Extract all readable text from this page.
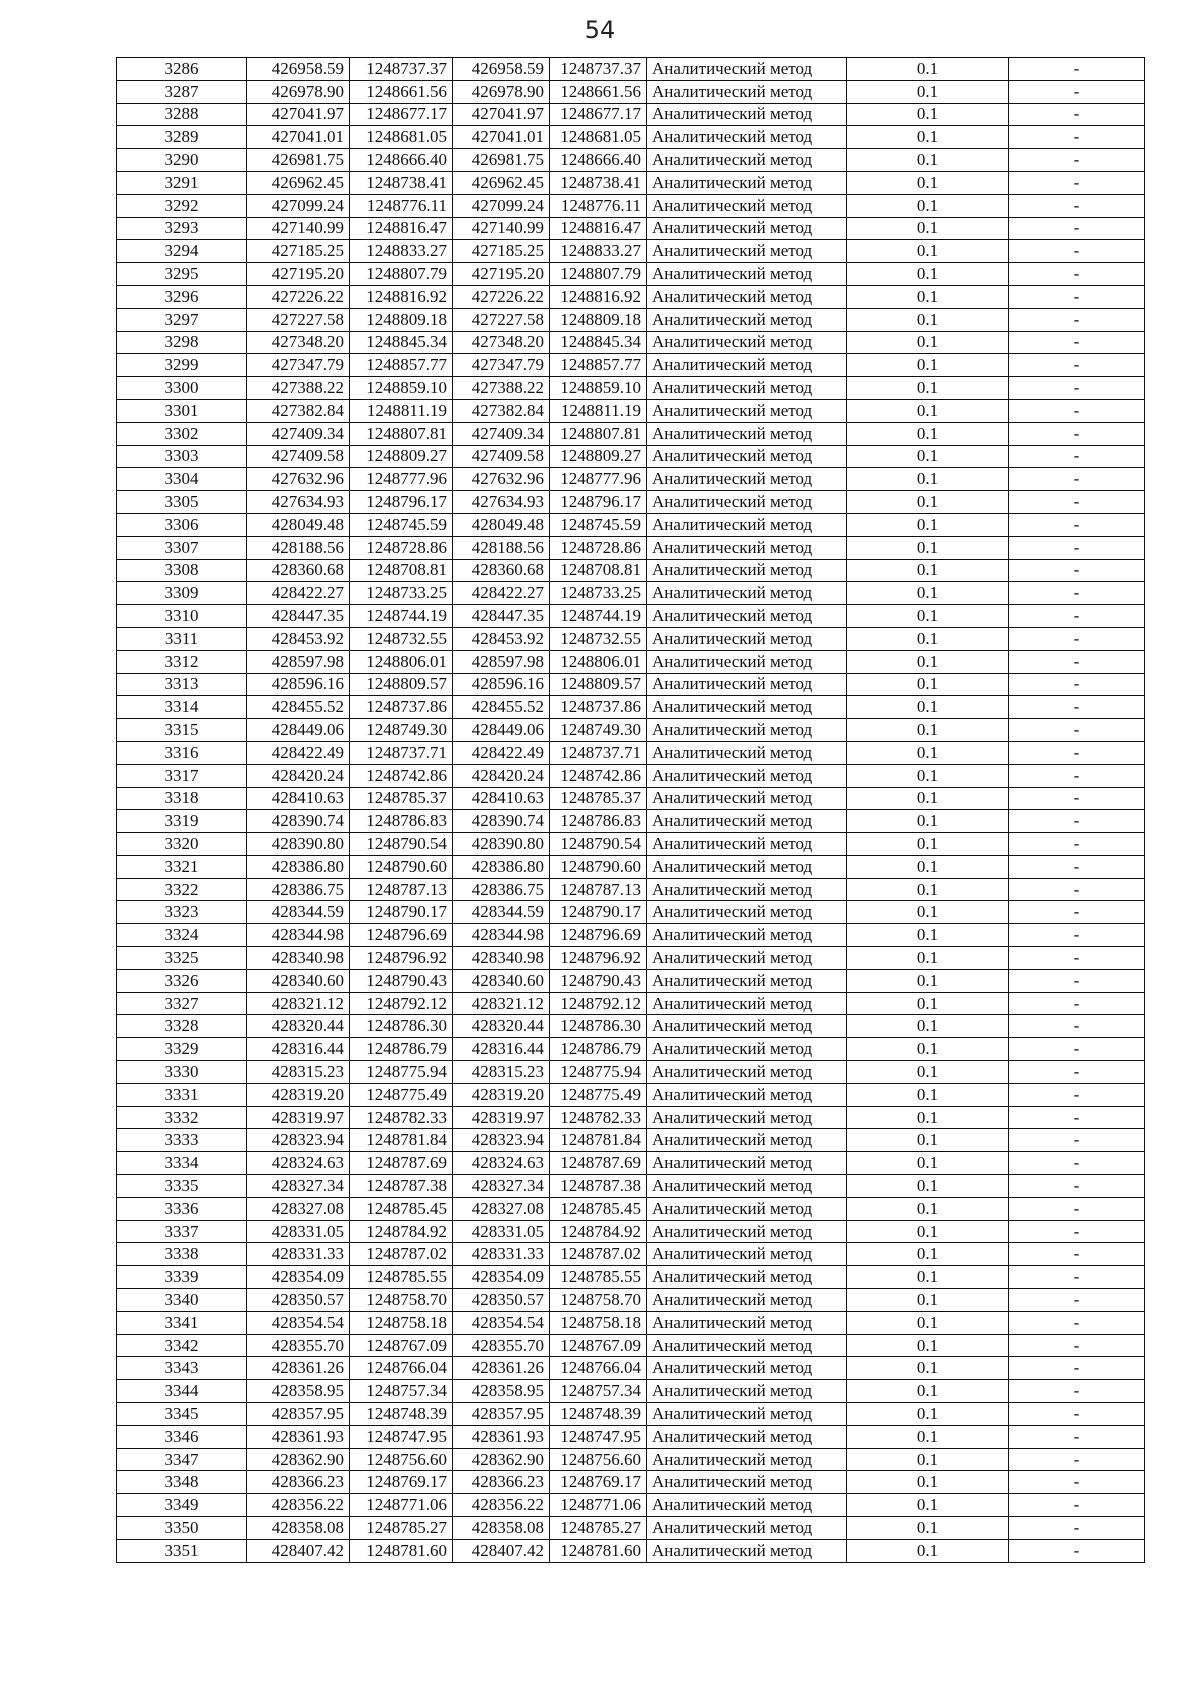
54
3286	426958.59	1248737.37	426958.59	1248737.37	Аналитический метод	0.1	-
3287	426978.90	1248661.56	426978.90	1248661.56	Аналитический метод	0.1	-
3288	427041.97	1248677.17	427041.97	1248677.17	Аналитический метод	0.1	-
3289	427041.01	1248681.05	427041.01	1248681.05	Аналитический метод	0.1	-
3290	426981.75	1248666.40	426981.75	1248666.40	Аналитический метод	0.1	-
3291	426962.45	1248738.41	426962.45	1248738.41	Аналитический метод	0.1	-
3292	427099.24	1248776.11	427099.24	1248776.11	Аналитический метод	0.1	-
3293	427140.99	1248816.47	427140.99	1248816.47	Аналитический метод	0.1	-
3294	427185.25	1248833.27	427185.25	1248833.27	Аналитический метод	0.1	-
3295	427195.20	1248807.79	427195.20	1248807.79	Аналитический метод	0.1	-
3296	427226.22	1248816.92	427226.22	1248816.92	Аналитический метод	0.1	-
3297	427227.58	1248809.18	427227.58	1248809.18	Аналитический метод	0.1	-
3298	427348.20	1248845.34	427348.20	1248845.34	Аналитический метод	0.1	-
3299	427347.79	1248857.77	427347.79	1248857.77	Аналитический метод	0.1	-
3300	427388.22	1248859.10	427388.22	1248859.10	Аналитический метод	0.1	-
3301	427382.84	1248811.19	427382.84	1248811.19	Аналитический метод	0.1	-
3302	427409.34	1248807.81	427409.34	1248807.81	Аналитический метод	0.1	-
3303	427409.58	1248809.27	427409.58	1248809.27	Аналитический метод	0.1	-
3304	427632.96	1248777.96	427632.96	1248777.96	Аналитический метод	0.1	-
3305	427634.93	1248796.17	427634.93	1248796.17	Аналитический метод	0.1	-
3306	428049.48	1248745.59	428049.48	1248745.59	Аналитический метод	0.1	-
3307	428188.56	1248728.86	428188.56	1248728.86	Аналитический метод	0.1	-
3308	428360.68	1248708.81	428360.68	1248708.81	Аналитический метод	0.1	-
3309	428422.27	1248733.25	428422.27	1248733.25	Аналитический метод	0.1	-
3310	428447.35	1248744.19	428447.35	1248744.19	Аналитический метод	0.1	-
3311	428453.92	1248732.55	428453.92	1248732.55	Аналитический метод	0.1	-
3312	428597.98	1248806.01	428597.98	1248806.01	Аналитический метод	0.1	-
3313	428596.16	1248809.57	428596.16	1248809.57	Аналитический метод	0.1	-
3314	428455.52	1248737.86	428455.52	1248737.86	Аналитический метод	0.1	-
3315	428449.06	1248749.30	428449.06	1248749.30	Аналитический метод	0.1	-
3316	428422.49	1248737.71	428422.49	1248737.71	Аналитический метод	0.1	-
3317	428420.24	1248742.86	428420.24	1248742.86	Аналитический метод	0.1	-
3318	428410.63	1248785.37	428410.63	1248785.37	Аналитический метод	0.1	-
3319	428390.74	1248786.83	428390.74	1248786.83	Аналитический метод	0.1	-
3320	428390.80	1248790.54	428390.80	1248790.54	Аналитический метод	0.1	-
3321	428386.80	1248790.60	428386.80	1248790.60	Аналитический метод	0.1	-
3322	428386.75	1248787.13	428386.75	1248787.13	Аналитический метод	0.1	-
3323	428344.59	1248790.17	428344.59	1248790.17	Аналитический метод	0.1	-
3324	428344.98	1248796.69	428344.98	1248796.69	Аналитический метод	0.1	-
3325	428340.98	1248796.92	428340.98	1248796.92	Аналитический метод	0.1	-
3326	428340.60	1248790.43	428340.60	1248790.43	Аналитический метод	0.1	-
3327	428321.12	1248792.12	428321.12	1248792.12	Аналитический метод	0.1	-
3328	428320.44	1248786.30	428320.44	1248786.30	Аналитический метод	0.1	-
3329	428316.44	1248786.79	428316.44	1248786.79	Аналитический метод	0.1	-
3330	428315.23	1248775.94	428315.23	1248775.94	Аналитический метод	0.1	-
3331	428319.20	1248775.49	428319.20	1248775.49	Аналитический метод	0.1	-
3332	428319.97	1248782.33	428319.97	1248782.33	Аналитический метод	0.1	-
3333	428323.94	1248781.84	428323.94	1248781.84	Аналитический метод	0.1	-
3334	428324.63	1248787.69	428324.63	1248787.69	Аналитический метод	0.1	-
3335	428327.34	1248787.38	428327.34	1248787.38	Аналитический метод	0.1	-
3336	428327.08	1248785.45	428327.08	1248785.45	Аналитический метод	0.1	-
3337	428331.05	1248784.92	428331.05	1248784.92	Аналитический метод	0.1	-
3338	428331.33	1248787.02	428331.33	1248787.02	Аналитический метод	0.1	-
3339	428354.09	1248785.55	428354.09	1248785.55	Аналитический метод	0.1	-
3340	428350.57	1248758.70	428350.57	1248758.70	Аналитический метод	0.1	-
3341	428354.54	1248758.18	428354.54	1248758.18	Аналитический метод	0.1	-
3342	428355.70	1248767.09	428355.70	1248767.09	Аналитический метод	0.1	-
3343	428361.26	1248766.04	428361.26	1248766.04	Аналитический метод	0.1	-
3344	428358.95	1248757.34	428358.95	1248757.34	Аналитический метод	0.1	-
3345	428357.95	1248748.39	428357.95	1248748.39	Аналитический метод	0.1	-
3346	428361.93	1248747.95	428361.93	1248747.95	Аналитический метод	0.1	-
3347	428362.90	1248756.60	428362.90	1248756.60	Аналитический метод	0.1	-
3348	428366.23	1248769.17	428366.23	1248769.17	Аналитический метод	0.1	-
3349	428356.22	1248771.06	428356.22	1248771.06	Аналитический метод	0.1	-
3350	428358.08	1248785.27	428358.08	1248785.27	Аналитический метод	0.1	-
3351	428407.42	1248781.60	428407.42	1248781.60	Аналитический метод	0.1	-
